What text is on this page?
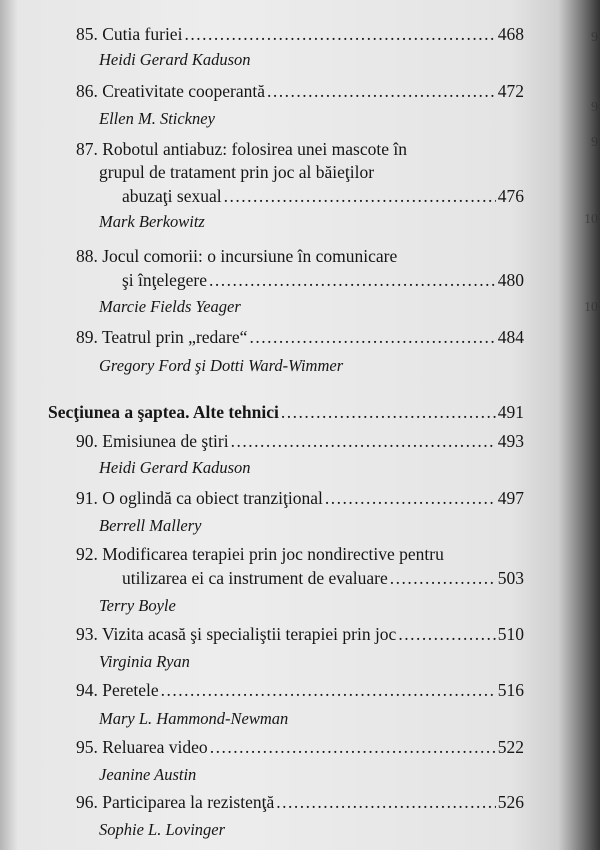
9
9
9
10
10
85. Cutia furiei .....	468
Heidi Gerard Kaduson
86. Creativitate cooperantă .....	472
Ellen M. Stickney
87. Robotul antiabuz: folosirea unei mascote în
grupul de tratament prin joc al băieţilor
abuzaţi sexual .....	476
Mark Berkowitz
88. Jocul comorii: o incursiune în comunicare
şi înţelegere .....	480
Marcie Fields Yeager
89. Teatrul prin „redare“ .....	484
Gregory Ford şi Dotti Ward-Wimmer
Secţiunea a şaptea. Alte tehnici .....	491
90. Emisiunea de ştiri .....	493
Heidi Gerard Kaduson
91. O oglindă ca obiect tranziţional .....	497
Berrell Mallery
92. Modificarea terapiei prin joc nondirective pentru
utilizarea ei ca instrument de evaluare .....	503
Terry Boyle
93. Vizita acasă şi specialiştii terapiei prin joc .....	510
Virginia Ryan
94. Peretele .....	516
Mary L. Hammond-Newman
95. Reluarea video .....	522
Jeanine Austin
96. Participarea la rezistenţă .....	526
Sophie L. Lovinger
